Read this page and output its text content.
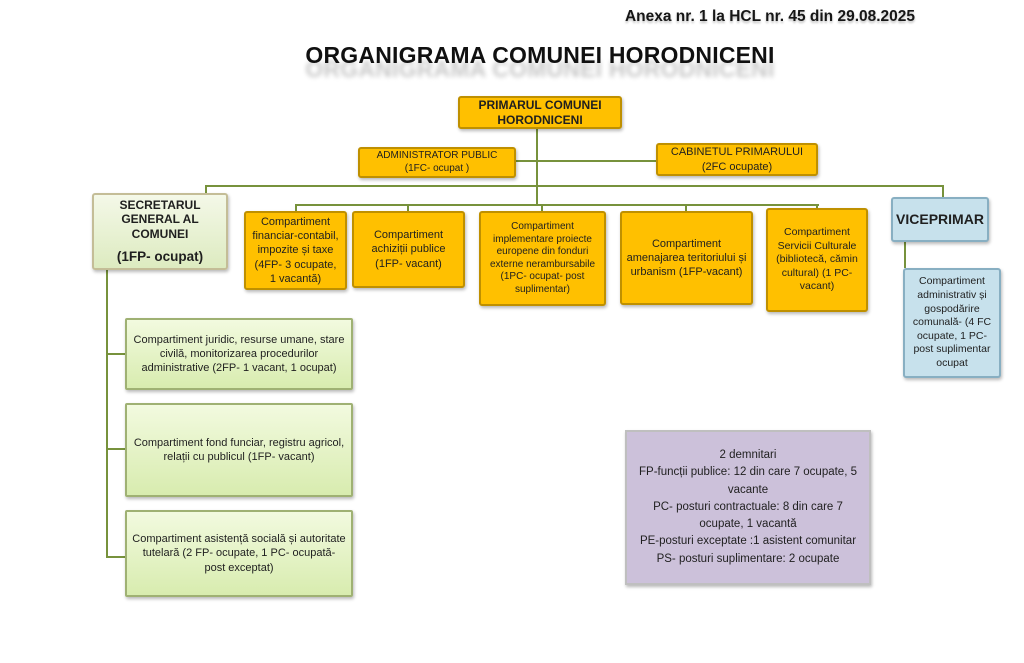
Anexa nr. 1 la HCL nr. 45 din 29.08.2025
ORGANIGRAMA COMUNEI HORODNICENI
PRIMARUL COMUNEI HORODNICENI
ADMINISTRATOR PUBLIC
(1FC- ocupat )
CABINETUL PRIMARULUI
(2FC ocupate)
SECRETARUL GENERAL AL COMUNEI
(1FP- ocupat)
VICEPRIMAR
Compartiment financiar-contabil, impozite și taxe (4FP- 3 ocupate, 1 vacantă)
Compartiment achiziții publice (1FP- vacant)
Compartiment implementare proiecte europene din fonduri externe nerambursabile (1PC- ocupat- post suplimentar)
Compartiment amenajarea teritoriului și urbanism (1FP-vacant)
Compartiment Servicii Culturale (bibliotecă, cămin cultural) (1 PC- vacant)	Compartiment administrativ și gospodărire comunală- (4 FC ocupate, 1 PC- post suplimentar ocupat
Compartiment juridic, resurse umane, stare civilă, monitorizarea procedurilor administrative (2FP- 1 vacant, 1 ocupat)
Compartiment fond funciar, registru agricol, relații cu publicul (1FP- vacant)
Compartiment asistență socială și autoritate tutelară (2 FP- ocupate, 1 PC- ocupată- post exceptat)
2 demnitari
FP-funcții publice: 12 din care 7 ocupate, 5 vacante
PC- posturi contractuale: 8 din care 7 ocupate, 1 vacantă
PE-posturi exceptate :1 asistent comunitar
PS- posturi suplimentare: 2 ocupate
